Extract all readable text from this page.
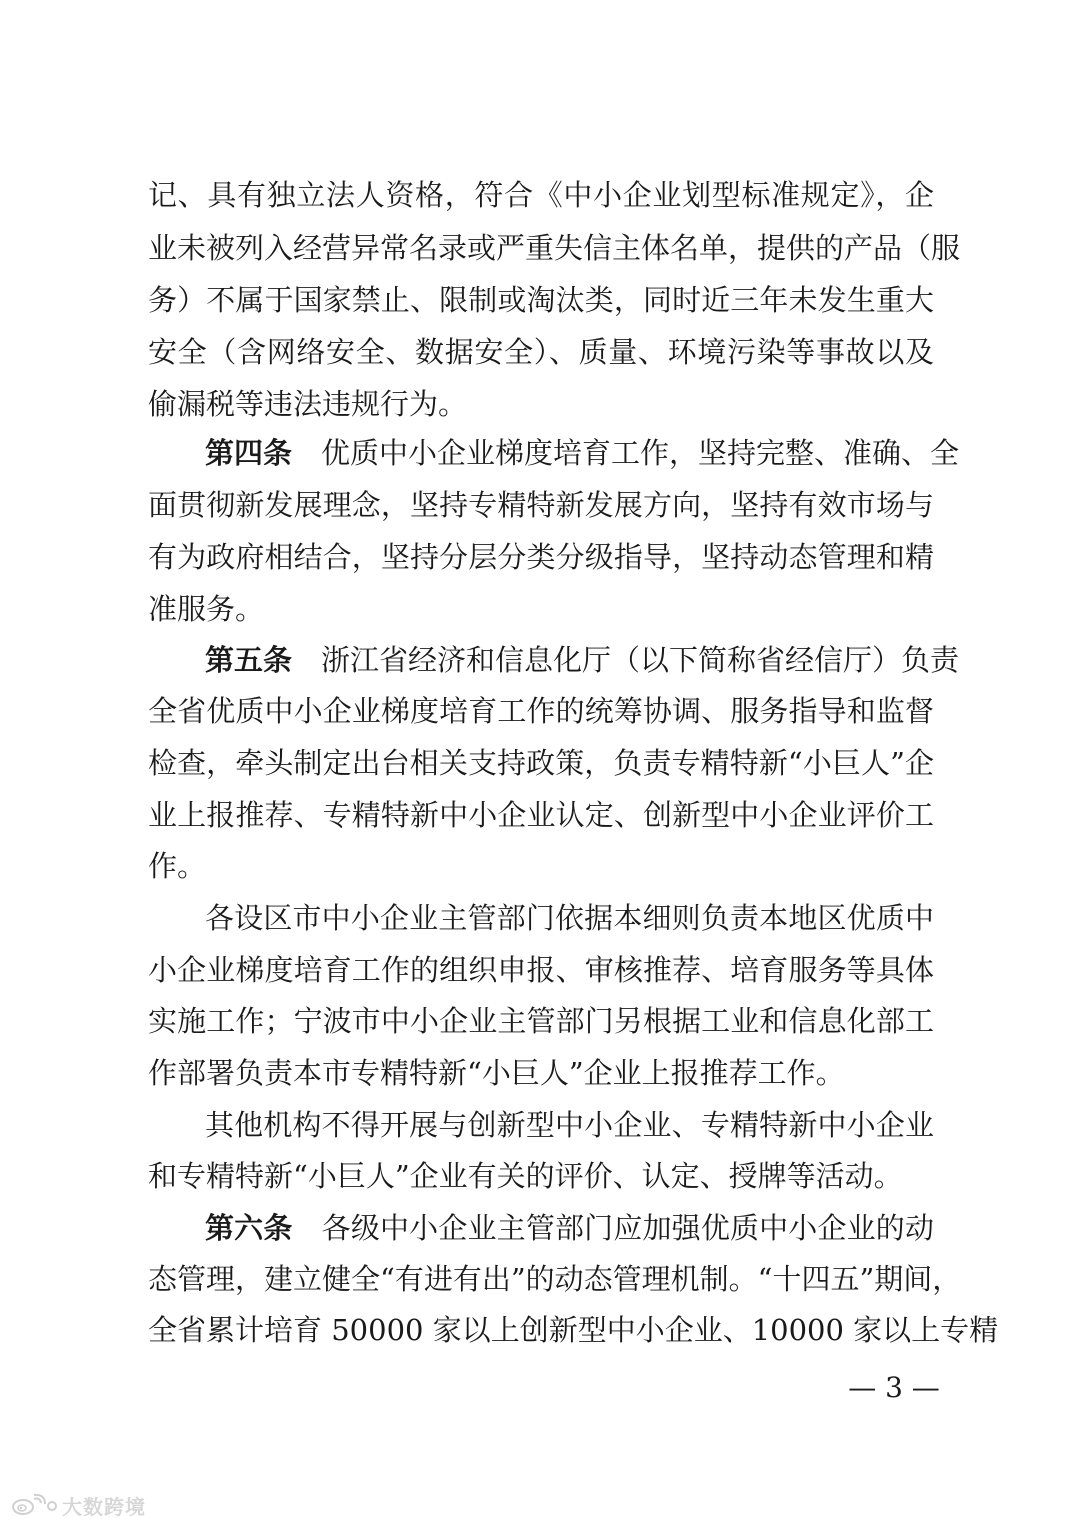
记、具有独立法人资格，符合《中小企业划型标准规定》，企
业未被列入经营异常名录或严重失信主体名单，提供的产品（服
务）不属于国家禁止、限制或淘汰类，同时近三年未发生重大
安全（含网络安全、数据安全）、质量、环境污染等事故以及
偷漏税等违法违规行为。
第四条　 优质中小企业梯度培育工作，坚持完整、准确、全
面贯彻新发展理念，坚持专精特新发展方向，坚持有效市场与
有为政府相结合，坚持分层分类分级指导，坚持动态管理和精
准服务。
第五条　 浙江省经济和信息化厅（以下简称省经信厅）负责
全省优质中小企业梯度培育工作的统筹协调、服务指导和监督
检查，牵头制定出台相关支持政策，负责专精特新“小巨人”企
业上报推荐、专精特新中小企业认定、创新型中小企业评价工
作。
各设区市中小企业主管部门依据本细则负责本地区优质中
小企业梯度培育工作的组织申报、审核推荐、培育服务等具体
实施工作；宁波市中小企业主管部门另根据工业和信息化部工
作部署负责本市专精特新“小巨人”企业上报推荐工作。
其他机构不得开展与创新型中小企业、专精特新中小企业
和专精特新“小巨人”企业有关的评价、认定、授牌等活动。
第六条　 各级中小企业主管部门应加强优质中小企业的动
态管理，建立健全“有进有出”的动态管理机制。“十四五”期间，
全省累计培育 50000 家以上创新型中小企业、10000 家以上专精
— 3 —
大数跨境
